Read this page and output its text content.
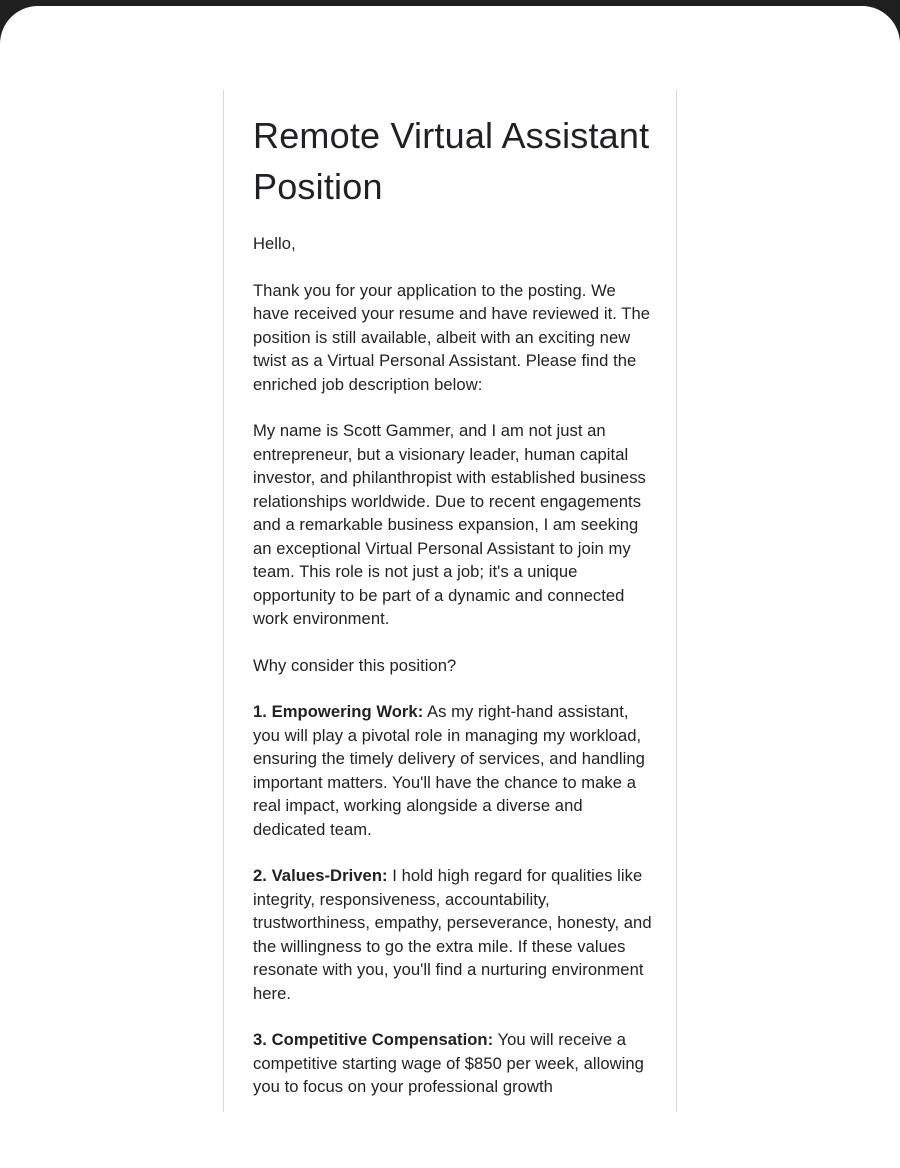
Remote Virtual Assistant Position

Hello,

Thank you for your application to the posting. We have received your resume and have reviewed it. The position is still available, albeit with an exciting new twist as a Virtual Personal Assistant. Please find the enriched job description below:

My name is Scott Gammer, and I am not just an entrepreneur, but a visionary leader, human capital investor, and philanthropist with established business relationships worldwide. Due to recent engagements and a remarkable business expansion, I am seeking an exceptional Virtual Personal Assistant to join my team. This role is not just a job; it's a unique opportunity to be part of a dynamic and connected work environment.

Why consider this position?

1. Empowering Work: As my right-hand assistant, you will play a pivotal role in managing my workload, ensuring the timely delivery of services, and handling important matters. You'll have the chance to make a real impact, working alongside a diverse and dedicated team.

2. Values-Driven: I hold high regard for qualities like integrity, responsiveness, accountability, trustworthiness, empathy, perseverance, honesty, and the willingness to go the extra mile. If these values resonate with you, you'll find a nurturing environment here.

3. Competitive Compensation: You will receive a competitive starting wage of $850 per week, allowing you to focus on your professional growth
